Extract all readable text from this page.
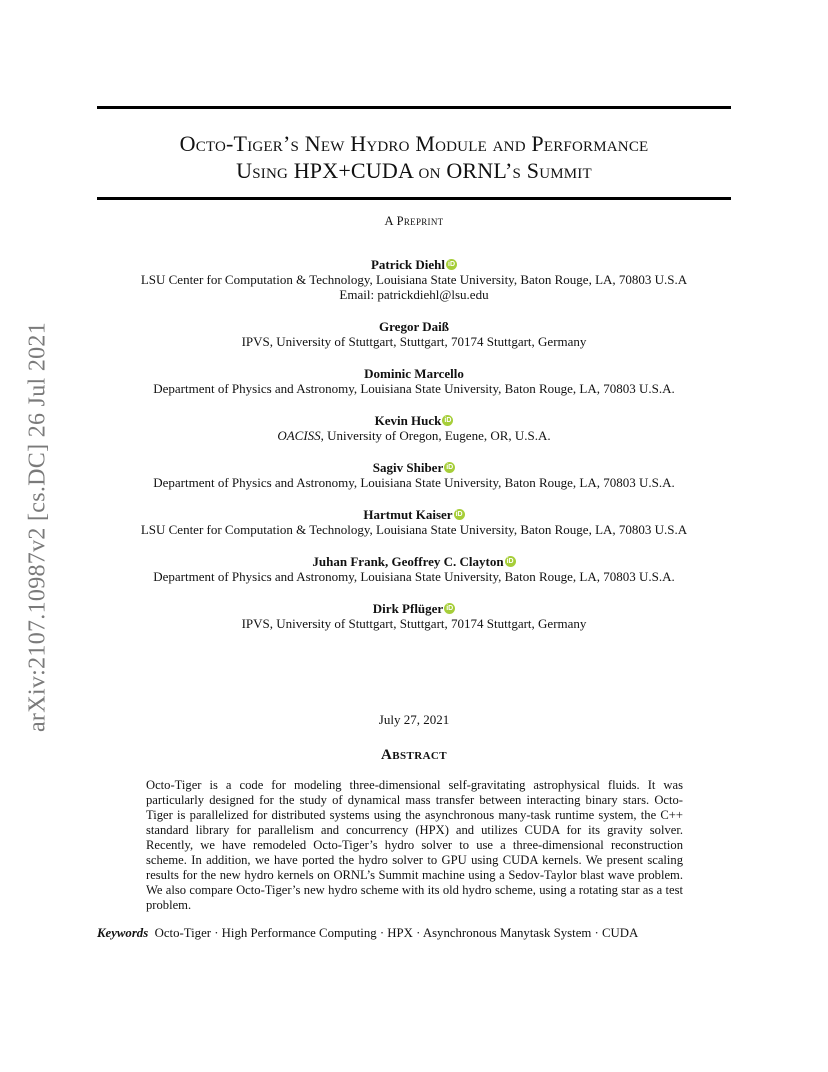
arXiv:2107.10987v2 [cs.DC] 26 Jul 2021
Octo-Tiger’s New Hydro Module and Performance
Using HPX+CUDA on ORNL’s Summit
A Preprint
Patrick Diehl iD
LSU Center for Computation & Technology, Louisiana State University, Baton Rouge, LA, 70803 U.S.A
Email: patrickdiehl@lsu.edu
Gregor Daiß
IPVS, University of Stuttgart, Stuttgart, 70174 Stuttgart, Germany
Dominic Marcello
Department of Physics and Astronomy, Louisiana State University, Baton Rouge, LA, 70803 U.S.A.
Kevin Huck iD
OACISS, University of Oregon, Eugene, OR, U.S.A.
Sagiv Shiber iD
Department of Physics and Astronomy, Louisiana State University, Baton Rouge, LA, 70803 U.S.A.
Hartmut Kaiser iD
LSU Center for Computation & Technology, Louisiana State University, Baton Rouge, LA, 70803 U.S.A
Juhan Frank, Geoffrey C. Clayton iD
Department of Physics and Astronomy, Louisiana State University, Baton Rouge, LA, 70803 U.S.A.
Dirk Pflüger iD
IPVS, University of Stuttgart, Stuttgart, 70174 Stuttgart, Germany
July 27, 2021
Abstract
Octo-Tiger is a code for modeling three-dimensional self-gravitating astrophysical fluids. It was particularly designed for the study of dynamical mass transfer between interacting binary stars. Octo-Tiger is parallelized for distributed systems using the asynchronous many-task runtime system, the C++ standard library for parallelism and concurrency (HPX) and utilizes CUDA for its gravity solver. Recently, we have remodeled Octo-Tiger’s hydro solver to use a three-dimensional reconstruction scheme. In addition, we have ported the hydro solver to GPU using CUDA kernels. We present scaling results for the new hydro kernels on ORNL’s Summit machine using a Sedov-Taylor blast wave problem. We also compare Octo-Tiger’s new hydro scheme with its old hydro scheme, using a rotating star as a test problem.
Keywords Octo-Tiger · High Performance Computing · HPX · Asynchronous Manytask System · CUDA
